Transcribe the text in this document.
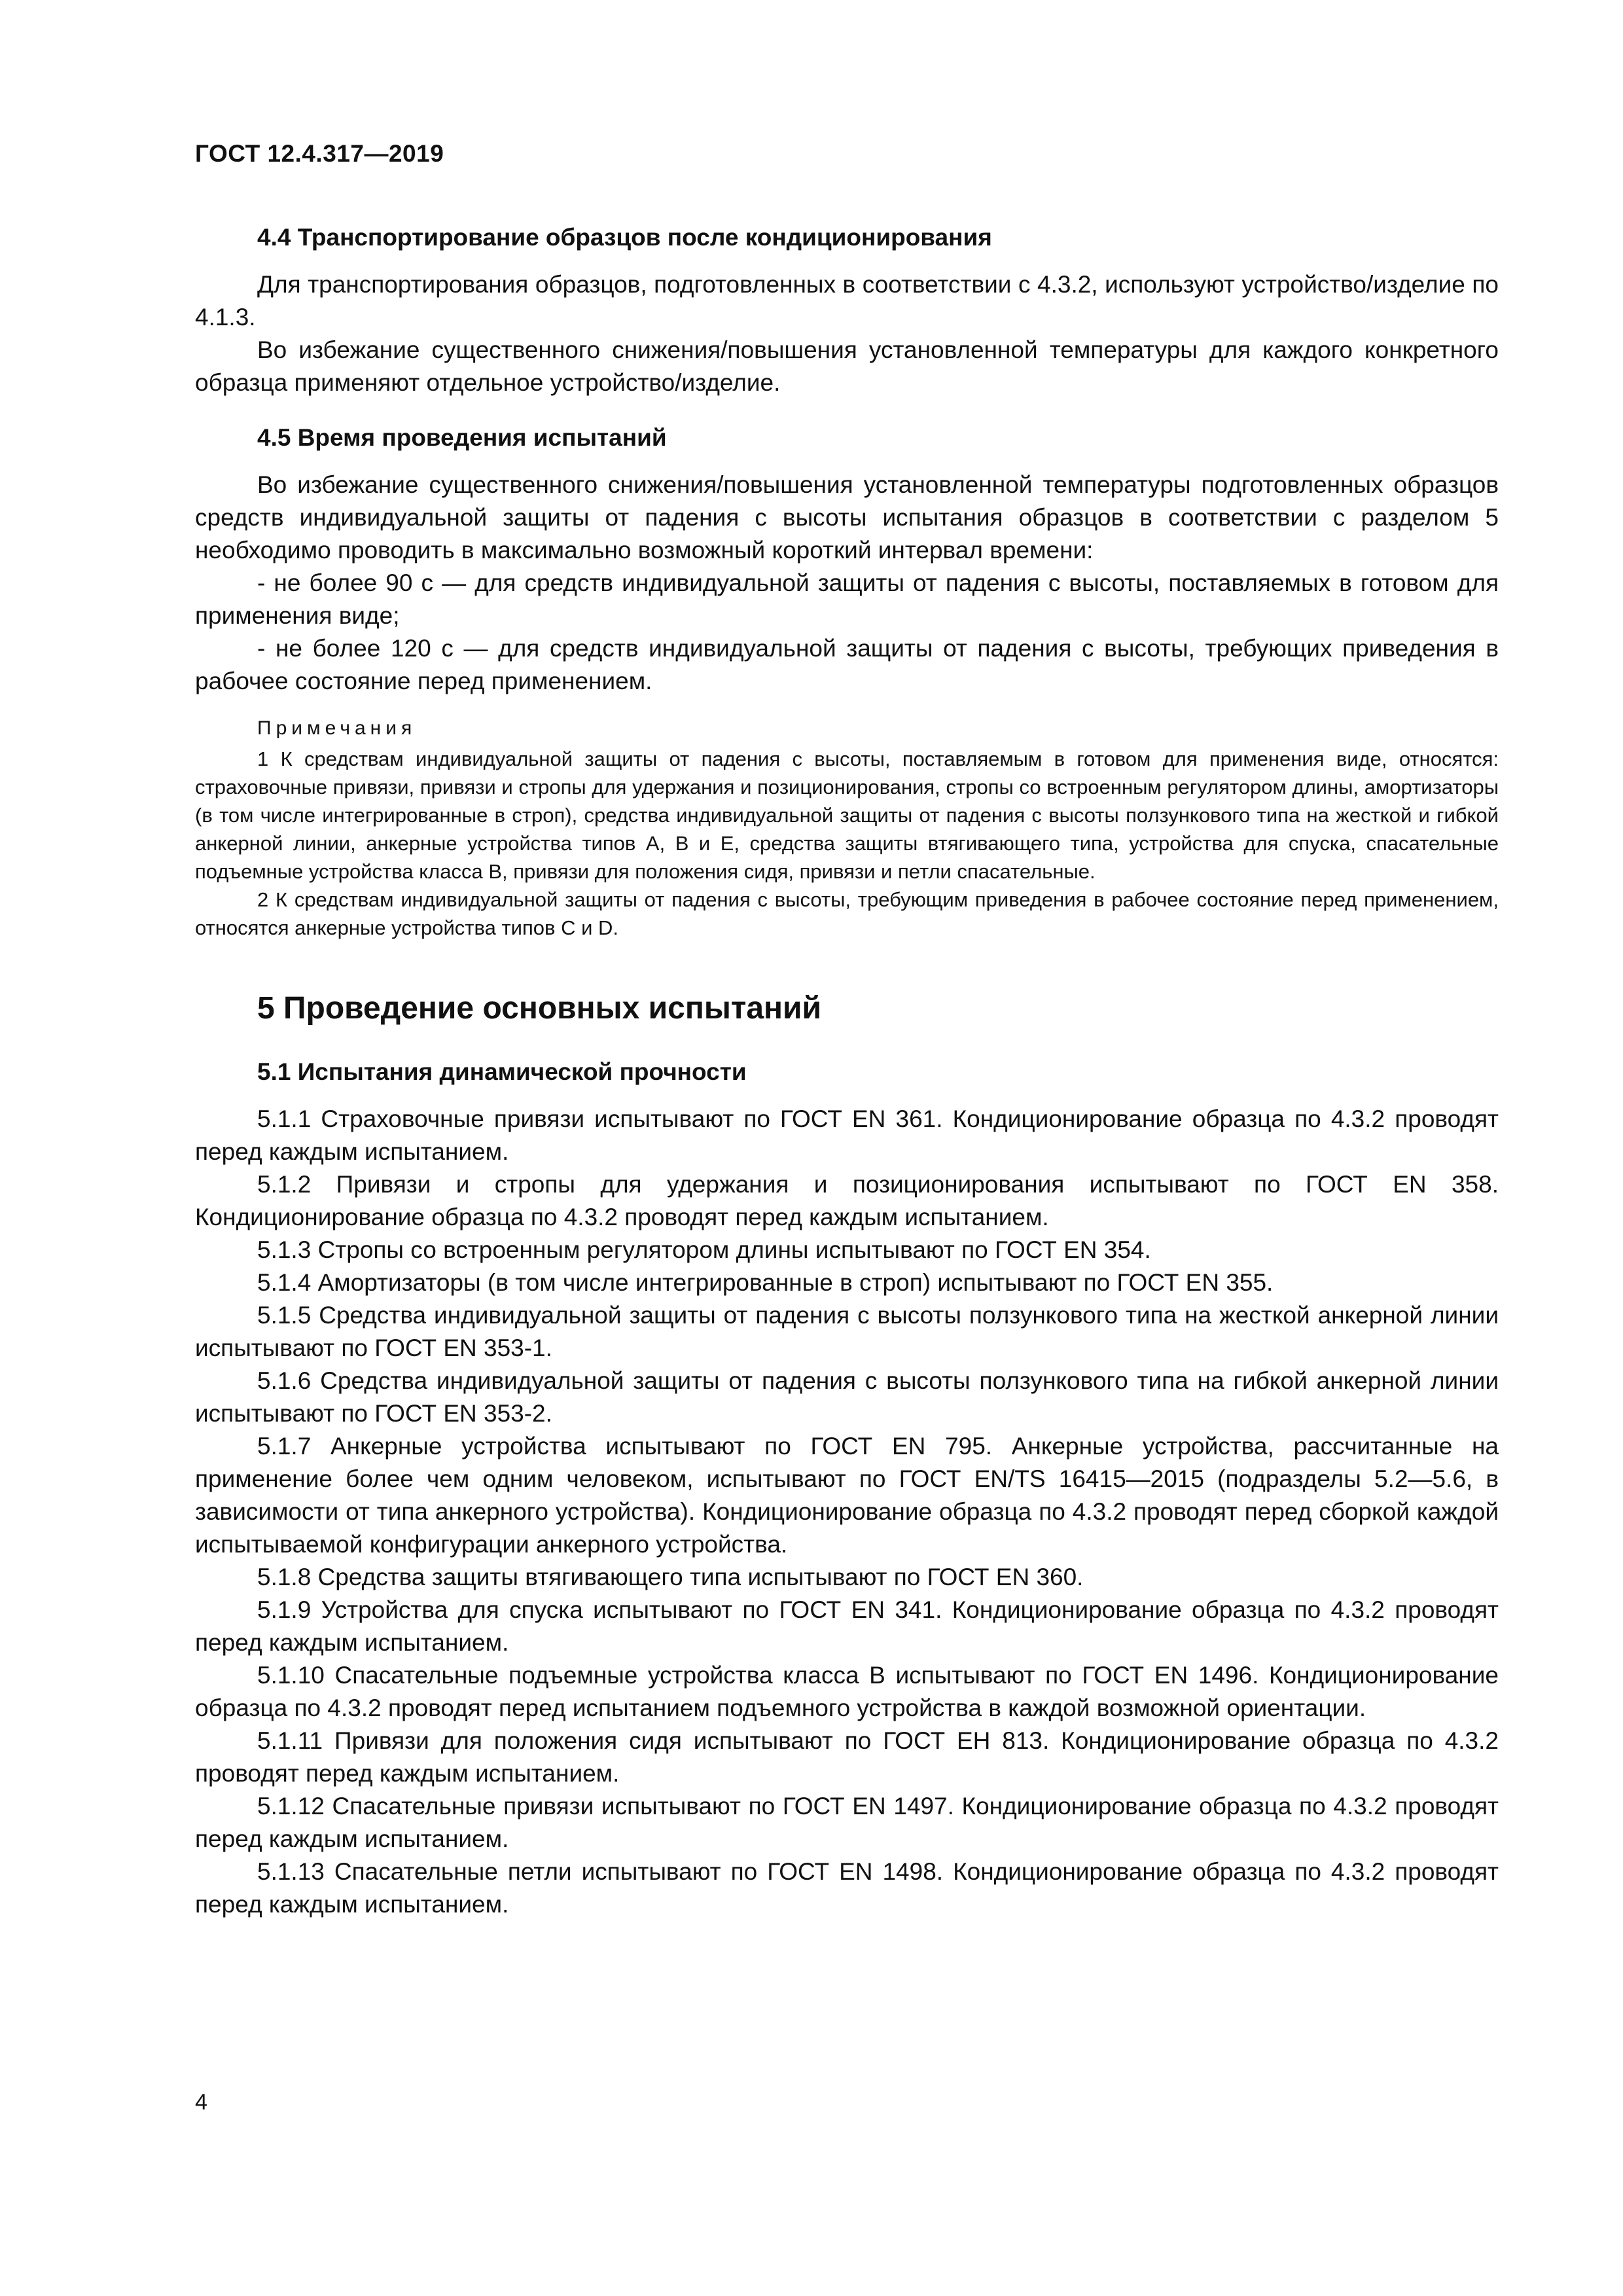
ГОСТ 12.4.317—2019
4.4 Транспортирование образцов после кондиционирования

Для транспортирования образцов, подготовленных в соответствии с 4.3.2, используют устройство/изделие по 4.1.3.

Во избежание существенного снижения/повышения установленной температуры для каждого конкретного образца применяют отдельное устройство/изделие.

4.5 Время проведения испытаний

Во избежание существенного снижения/повышения установленной температуры подготовленных образцов средств индивидуальной защиты от падения с высоты испытания образцов в соответствии с разделом 5 необходимо проводить в максимально возможный короткий интервал времени:

- не более 90 с — для средств индивидуальной защиты от падения с высоты, поставляемых в готовом для применения виде;

- не более 120 с — для средств индивидуальной защиты от падения с высоты, требующих приведения в рабочее состояние перед применением.

Примечания

1 К средствам индивидуальной защиты от падения с высоты, поставляемым в готовом для применения виде, относятся: страховочные привязи, привязи и стропы для удержания и позиционирования, стропы со встроенным регулятором длины, амортизаторы (в том числе интегрированные в строп), средства индивидуальной защиты от падения с высоты ползункового типа на жесткой и гибкой анкерной линии, анкерные устройства типов А, В и Е, средства защиты втягивающего типа, устройства для спуска, спасательные подъемные устройства класса В, привязи для положения сидя, привязи и петли спасательные.

2 К средствам индивидуальной защиты от падения с высоты, требующим приведения в рабочее состояние перед применением, относятся анкерные устройства типов С и D.

5 Проведение основных испытаний
5.1 Испытания динамической прочности

5.1.1 Страховочные привязи испытывают по ГОСТ EN 361. Кондиционирование образца по 4.3.2 проводят перед каждым испытанием.

5.1.2 Привязи и стропы для удержания и позиционирования испытывают по ГОСТ EN 358. Кондиционирование образца по 4.3.2 проводят перед каждым испытанием.

5.1.3 Стропы со встроенным регулятором длины испытывают по ГОСТ EN 354.

5.1.4 Амортизаторы (в том числе интегрированные в строп) испытывают по ГОСТ EN 355.

5.1.5 Средства индивидуальной защиты от падения с высоты ползункового типа на жесткой анкерной линии испытывают по ГОСТ EN 353-1.

5.1.6 Средства индивидуальной защиты от падения с высоты ползункового типа на гибкой анкерной линии испытывают по ГОСТ EN 353-2.

5.1.7 Анкерные устройства испытывают по ГОСТ EN 795. Анкерные устройства, рассчитанные на применение более чем одним человеком, испытывают по ГОСТ EN/TS 16415—2015 (подразделы 5.2—5.6, в зависимости от типа анкерного устройства). Кондиционирование образца по 4.3.2 проводят перед сборкой каждой испытываемой конфигурации анкерного устройства.

5.1.8 Средства защиты втягивающего типа испытывают по ГОСТ EN 360.

5.1.9 Устройства для спуска испытывают по ГОСТ EN 341. Кондиционирование образца по 4.3.2 проводят перед каждым испытанием.

5.1.10 Спасательные подъемные устройства класса В испытывают по ГОСТ EN 1496. Кондиционирование образца по 4.3.2 проводят перед испытанием подъемного устройства в каждой возможной ориентации.

5.1.11 Привязи для положения сидя испытывают по ГОСТ ЕН 813. Кондиционирование образца по 4.3.2 проводят перед каждым испытанием.

5.1.12 Спасательные привязи испытывают по ГОСТ EN 1497. Кондиционирование образца по 4.3.2 проводят перед каждым испытанием.

5.1.13 Спасательные петли испытывают по ГОСТ EN 1498. Кондиционирование образца по 4.3.2 проводят перед каждым испытанием.

4
